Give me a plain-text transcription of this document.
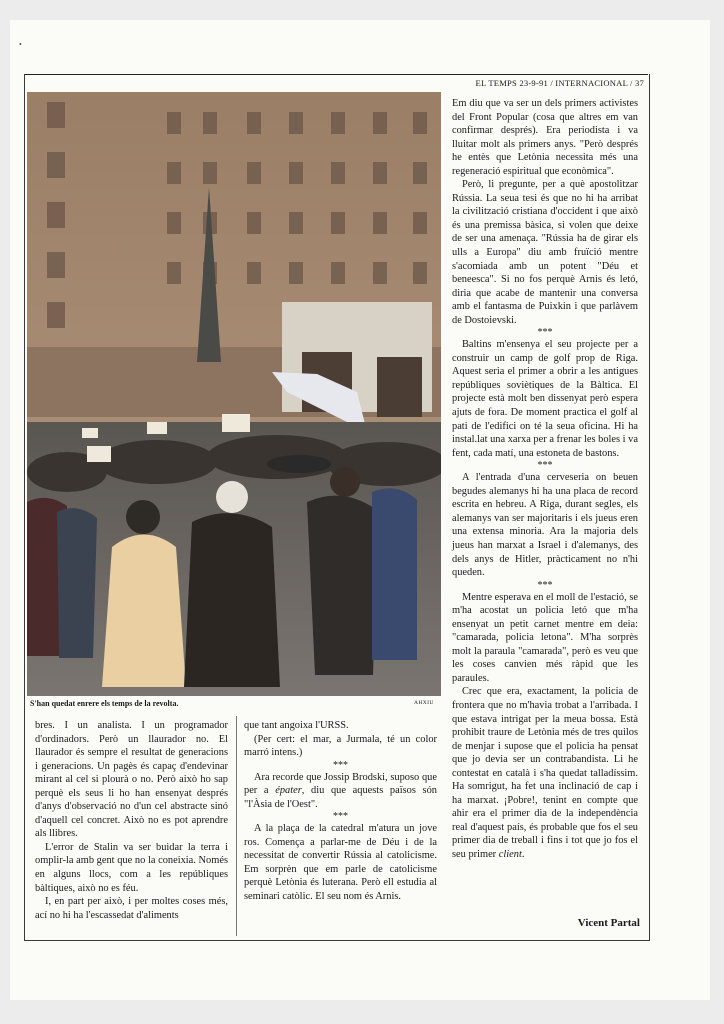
•
EL TEMPS 23-9-91 / INTERNACIONAL / 37
S'han quedat enrere els temps de la revolta.	AHXIU

bres. I un analista. I un programador d'ordinadors. Però un llaurador no. El llaurador és sempre el resultat de generacions i generacions. Un pagès és capaç d'endevinar mirant al cel si plourà o no. Però això ho sap perquè els seus li ho han ensenyat després d'anys d'observació no d'un cel abstracte sinó d'aquell cel concret. Això no es pot aprendre als llibres.

L'error de Stalin va ser buidar la terra i omplir-la amb gent que no la coneixia. Només en alguns llocs, com a les repúbliques bàltiques, això no es féu.

I, en part per això, i per moltes coses més, ací no hi ha l'escassedat d'aliments

que tant angoixa l'URSS.

(Per cert: el mar, a Jurmala, té un color marró intens.)

***

Ara recorde que Jossip Brodski, suposo que per a épater, diu que aquests països són "l'Àsia de l'Oest".

***

A la plaça de la catedral m'atura un jove ros. Comença a parlar-me de Déu i de la necessitat de convertir Rússia al catolicisme. Em sorprèn que em parle de catolicisme perquè Letònia és luterana. Però ell estudia al seminari catòlic. El seu nom és Arnis.

Em diu que va ser un dels primers activistes del Front Popular (cosa que altres em van confirmar després). Era periodista i va lluitar molt als primers anys. "Però després he entès que Letònia necessita més una regeneració espiritual que econòmica".

Però, li pregunte, per a què apostolitzar Rússia. La seua tesi és que no hi ha arribat la civilització cristiana d'occident i que això és una premissa bàsica, si volen que deixe de ser una amenaça. "Rússia ha de girar els ulls a Europa" diu amb fruïció mentre s'acomiada amb un potent "Déu et beneesca". Si no fos perquè Arnis és letó, diria que acabe de mantenir una conversa amb el fantasma de Puixkin i que parlàvem de Dostoievski.

***

Baltins m'ensenya el seu projecte per a construir un camp de golf prop de Riga. Aquest seria el primer a obrir a les antigues repúbliques soviètiques de la Bàltica. El projecte està molt ben dissenyat però espera ajuts de fora. De moment practica el golf al pati de l'edifici on té la seua oficina. Hi ha instal.lat una xarxa per a frenar les boles i va fent, cada matí, una estoneta de bastons.

***

A l'entrada d'una cerveseria on beuen begudes alemanys hi ha una placa de record escrita en hebreu. A Riga, durant segles, els alemanys van ser majoritaris i els jueus eren una extensa minoria. Ara la majoria dels jueus han marxat a Israel i d'alemanys, des dels anys de Hitler, pràcticament no n'hi queden.

***

Mentre esperava en el moll de l'estació, se m'ha acostat un policia letó que m'ha ensenyat un petit carnet mentre em deia: "camarada, policia letona". M'ha sorprès molt la paraula "camarada", però es veu que les coses canvien més ràpid que les paraules.

Crec que era, exactament, la policia de frontera que no m'havia trobat a l'arribada. I que estava intrigat per la meua bossa. Està prohibit traure de Letònia més de tres quilos de menjar i supose que el policia ha pensat que jo devia ser un contrabandista. Li he contestat en català i s'ha quedat talladíssim. Ha somrigut, ha fet una inclinació de cap i ha marxat. ¡Pobre!, tenint en compte que ahir era el primer dia de la independència real d'aquest país, és probable que fos el seu primer dia de treball i fins i tot que jo fos el seu primer client.

Vicent Partal
